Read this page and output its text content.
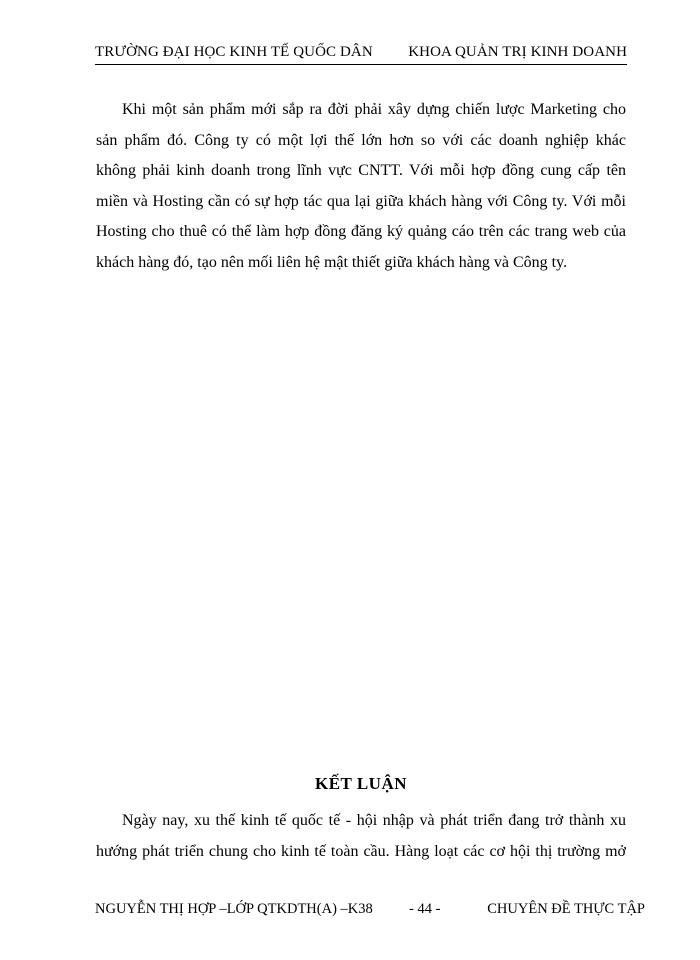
TRƯỜNG ĐẠI HỌC KINH TẾ QUỐC DÂN KHOA QUẢN TRỊ KINH DOANH
Khi một sản phẩm mới sắp ra đời phải xây dựng chiến lược Marketing cho
sản phẩm đó. Công ty có một lợi thế lớn hơn so với các doanh nghiệp khác
không phải kinh doanh trong lĩnh vực CNTT. Với mỗi hợp đồng cung cấp tên
miền và Hosting cần có sự hợp tác qua lại giữa khách hàng với Công ty. Với mỗi
Hosting cho thuê có thể làm hợp đồng đăng ký quảng cáo trên các trang web của
khách hàng đó, tạo nên mối liên hệ mật thiết giữa khách hàng và Công ty.
KẾT LUẬN
Ngày nay, xu thế kinh tế quốc tế - hội nhập và phát triển đang trở thành xu
hướng phát triển chung cho kinh tế toàn cầu. Hàng loạt các cơ hội thị trường mở
NGUYỄN THỊ HỢP –LỚP QTKDTH(A) –K38 - 44 -	CHUYÊN ĐỀ THỰC TẬP
